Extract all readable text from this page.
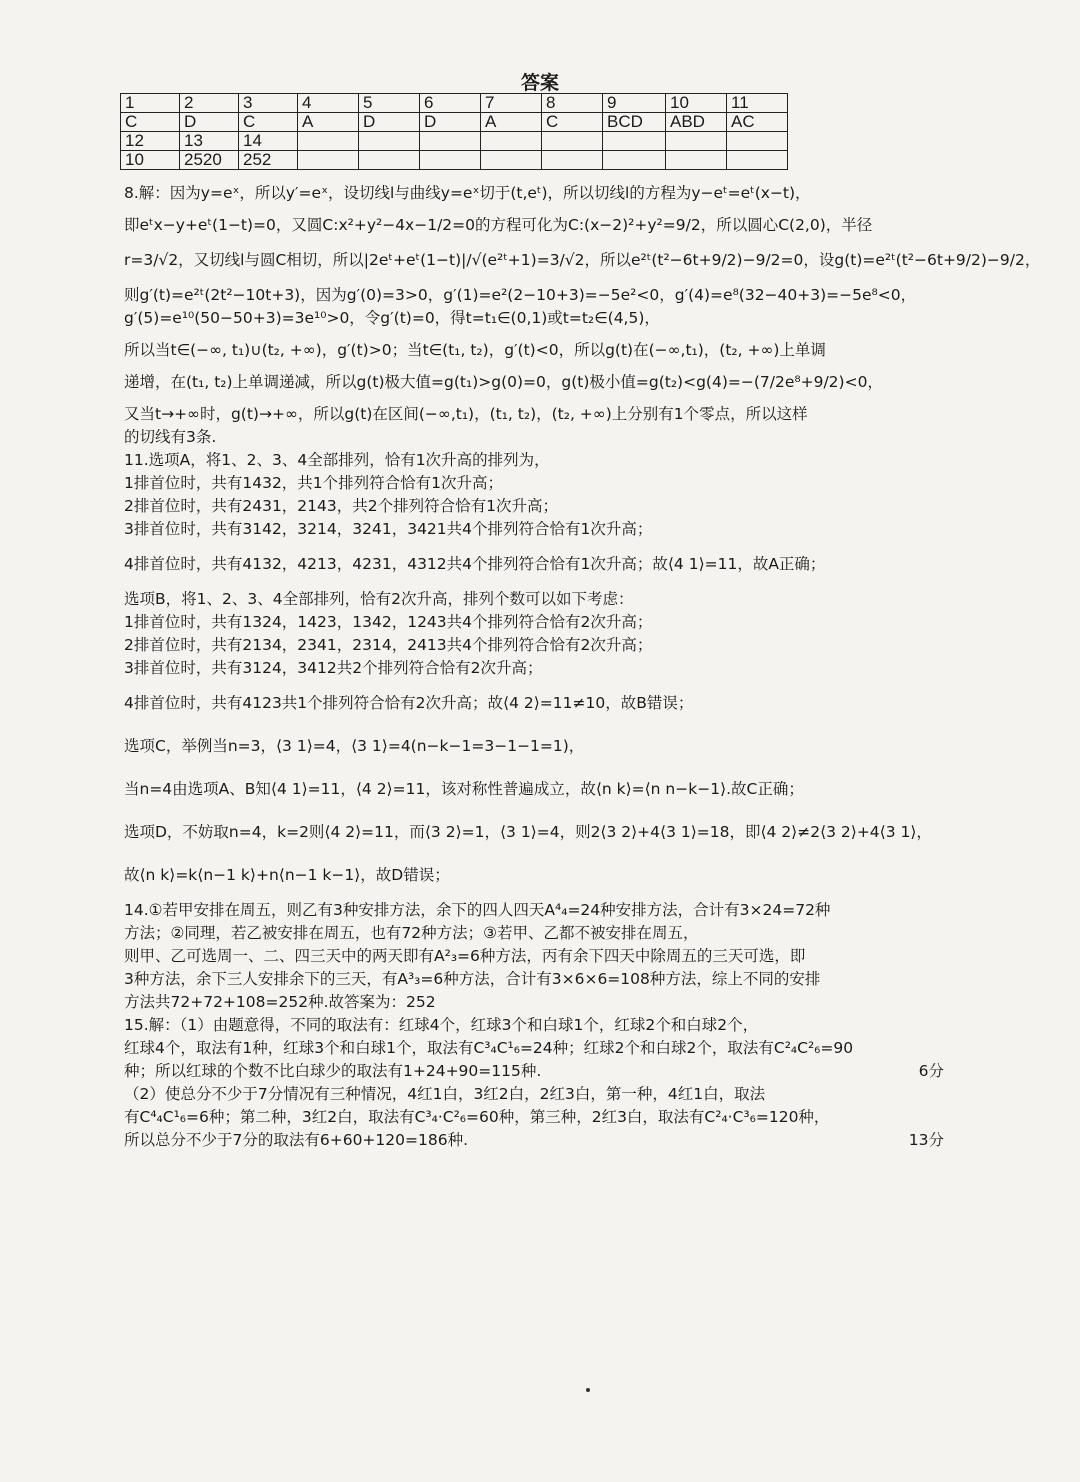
答案
1	2	3	4	5	6	7	8	9	10	11
C	D	C	A	D	D	A	C	BCD	ABD	AC
12	13	14								
10	2520	252								

8.解：因为y=eˣ，所以y′=eˣ，设切线l与曲线y=eˣ切于(t,eᵗ)，所以切线l的方程为y−eᵗ=eᵗ(x−t)，

即eᵗx−y+eᵗ(1−t)=0，又圆C:x²+y²−4x−1/2=0的方程可化为C:(x−2)²+y²=9/2，所以圆心C(2,0)，半径

r=3/√2，又切线l与圆C相切，所以|2eᵗ+eᵗ(1−t)|/√(e²ᵗ+1)=3/√2，所以e²ᵗ(t²−6t+9/2)−9/2=0，设g(t)=e²ᵗ(t²−6t+9/2)−9/2，

则g′(t)=e²ᵗ(2t²−10t+3)，因为g′(0)=3>0，g′(1)=e²(2−10+3)=−5e²<0，g′(4)=e⁸(32−40+3)=−5e⁸<0，

g′(5)=e¹⁰(50−50+3)=3e¹⁰>0，令g′(t)=0，得t=t₁∈(0,1)或t=t₂∈(4,5)，

所以当t∈(−∞, t₁)∪(t₂, +∞)，g′(t)>0；当t∈(t₁, t₂)，g′(t)<0，所以g(t)在(−∞,t₁)，(t₂, +∞)上单调

递增，在(t₁, t₂)上单调递减，所以g(t)极大值=g(t₁)>g(0)=0，g(t)极小值=g(t₂)<g(4)=−(7/2e⁸+9/2)<0，

又当t→+∞时，g(t)→+∞，所以g(t)在区间(−∞,t₁)，(t₁, t₂)，(t₂, +∞)上分别有1个零点，所以这样

的切线有3条.

11.选项A，将1、2、3、4全部排列，恰有1次升高的排列为，

1排首位时，共有1432，共1个排列符合恰有1次升高；

2排首位时，共有2431，2143，共2个排列符合恰有1次升高；

3排首位时，共有3142，3214，3241，3421共4个排列符合恰有1次升高；

4排首位时，共有4132，4213，4231，4312共4个排列符合恰有1次升高；故⟨4 1⟩=11，故A正确；

选项B，将1、2、3、4全部排列，恰有2次升高，排列个数可以如下考虑：

1排首位时，共有1324，1423，1342，1243共4个排列符合恰有2次升高；

2排首位时，共有2134，2341，2314，2413共4个排列符合恰有2次升高；

3排首位时，共有3124，3412共2个排列符合恰有2次升高；

4排首位时，共有4123共1个排列符合恰有2次升高；故⟨4 2⟩=11≠10，故B错误；

选项C，举例当n=3，⟨3 1⟩=4，⟨3 1⟩=4(n−k−1=3−1−1=1)，

当n=4由选项A、B知⟨4 1⟩=11，⟨4 2⟩=11，该对称性普遍成立，故⟨n k⟩=⟨n n−k−1⟩.故C正确；

选项D，不妨取n=4，k=2则⟨4 2⟩=11，而⟨3 2⟩=1，⟨3 1⟩=4，则2⟨3 2⟩+4⟨3 1⟩=18，即⟨4 2⟩≠2⟨3 2⟩+4⟨3 1⟩，

故⟨n k⟩=k⟨n−1 k⟩+n⟨n−1 k−1⟩，故D错误；

14.①若甲安排在周五，则乙有3种安排方法，余下的四人四天A⁴₄=24种安排方法，合计有3×24=72种

方法；②同理，若乙被安排在周五，也有72种方法；③若甲、乙都不被安排在周五，

则甲、乙可选周一、二、四三天中的两天即有A²₃=6种方法，丙有余下四天中除周五的三天可选，即

3种方法，余下三人安排余下的三天，有A³₃=6种方法，合计有3×6×6=108种方法，综上不同的安排

方法共72+72+108=252种.故答案为：252

15.解：（1）由题意得，不同的取法有：红球4个，红球3个和白球1个，红球2个和白球2个，

红球4个，取法有1种，红球3个和白球1个，取法有C³₄C¹₆=24种；红球2个和白球2个，取法有C²₄C²₆=90

种；所以红球的个数不比白球少的取法有1+24+90=115种.	6分

（2）使总分不少于7分情况有三种情况，4红1白，3红2白，2红3白，第一种，4红1白，取法

有C⁴₄C¹₆=6种；第二种，3红2白，取法有C³₄·C²₆=60种，第三种，2红3白，取法有C²₄·C³₆=120种，

所以总分不少于7分的取法有6+60+120=186种.	13分
